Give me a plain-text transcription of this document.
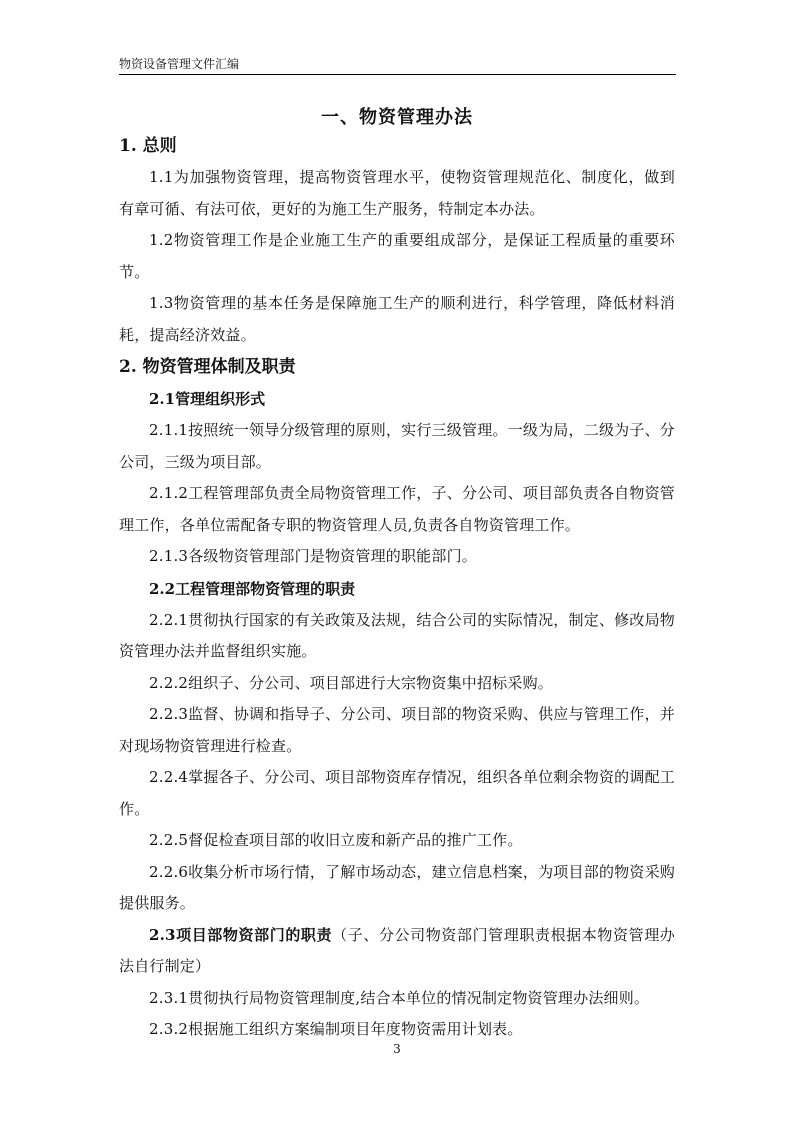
物资设备管理文件汇编
一、物资管理办法
1. 总则
1.1为加强物资管理，提高物资管理水平，使物资管理规范化、制度化，做到有章可循、有法可依，更好的为施工生产服务，特制定本办法。
1.2物资管理工作是企业施工生产的重要组成部分，是保证工程质量的重要环节。
1.3物资管理的基本任务是保障施工生产的顺利进行，科学管理，降低材料消耗，提高经济效益。
2. 物资管理体制及职责
2.1管理组织形式
2.1.1按照统一领导分级管理的原则，实行三级管理。一级为局，二级为子、分公司，三级为项目部。
2.1.2工程管理部负责全局物资管理工作，子、分公司、项目部负责各自物资管理工作，各单位需配备专职的物资管理人员,负责各自物资管理工作。
2.1.3各级物资管理部门是物资管理的职能部门。
2.2工程管理部物资管理的职责
2.2.1贯彻执行国家的有关政策及法规，结合公司的实际情况，制定、修改局物资管理办法并监督组织实施。
2.2.2组织子、分公司、项目部进行大宗物资集中招标采购。
2.2.3监督、协调和指导子、分公司、项目部的物资采购、供应与管理工作，并对现场物资管理进行检查。
2.2.4掌握各子、分公司、项目部物资库存情况，组织各单位剩余物资的调配工作。
2.2.5督促检查项目部的收旧立废和新产品的推广工作。
2.2.6收集分析市场行情，了解市场动态，建立信息档案，为项目部的物资采购提供服务。
2.3项目部物资部门的职责（子、分公司物资部门管理职责根据本物资管理办法自行制定）
2.3.1贯彻执行局物资管理制度,结合本单位的情况制定物资管理办法细则。
2.3.2根据施工组织方案编制项目年度物资需用计划表。
3
